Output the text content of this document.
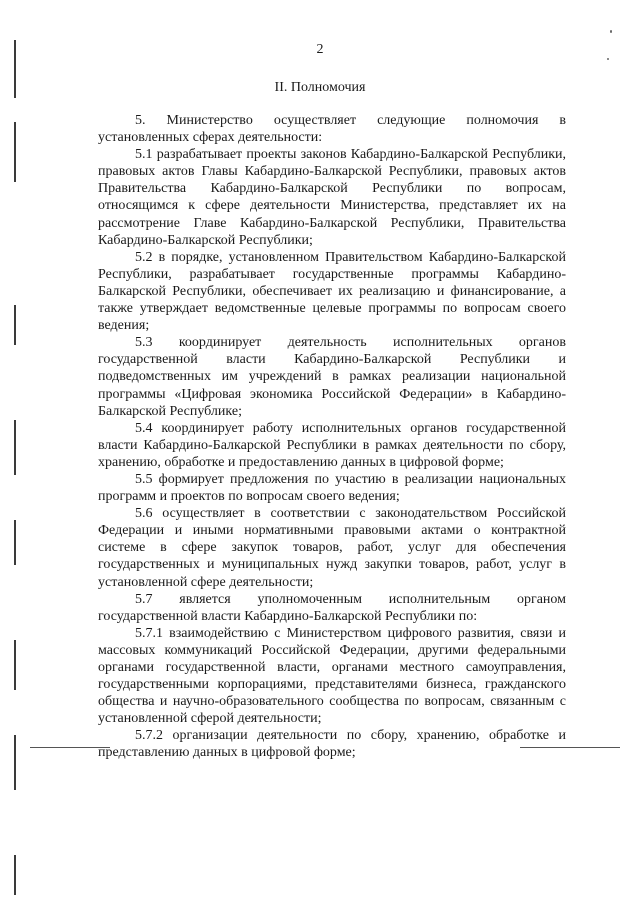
2
II. Полномочия

5. Министерство осуществляет следующие полномочия в установленных сферах деятельности:

5.1 разрабатывает проекты законов Кабардино-Балкарской Республики, правовых актов Главы Кабардино-Балкарской Республики, правовых актов Правительства Кабардино-Балкарской Республики по вопросам, относящимся к сфере деятельности Министерства, представляет их на рассмотрение Главе Кабардино-Балкарской Республики, Правительства Кабардино-Балкарской Республики;

5.2 в порядке, установленном Правительством Кабардино-Балкарской Республики, разрабатывает государственные программы Кабардино-Балкарской Республики, обеспечивает их реализацию и финансирование, а также утверждает ведомственные целевые программы по вопросам своего ведения;

5.3 координирует деятельность исполнительных органов государственной власти Кабардино-Балкарской Республики и подведомственных им учреждений в рамках реализации национальной программы «Цифровая экономика Российской Федерации» в Кабардино-Балкарской Республике;

5.4 координирует работу исполнительных органов государственной власти Кабардино-Балкарской Республики в рамках деятельности по сбору, хранению, обработке и предоставлению данных в цифровой форме;

5.5 формирует предложения по участию в реализации национальных программ и проектов по вопросам своего ведения;

5.6 осуществляет в соответствии с законодательством Российской Федерации и иными нормативными правовыми актами о контрактной системе в сфере закупок товаров, работ, услуг для обеспечения государственных и муниципальных нужд закупки товаров, работ, услуг в установленной сфере деятельности;

5.7 является уполномоченным исполнительным органом государственной власти Кабардино-Балкарской Республики по:

5.7.1 взаимодействию с Министерством цифрового развития, связи и массовых коммуникаций Российской Федерации, другими федеральными органами государственной власти, органами местного самоуправления, государственными корпорациями, представителями бизнеса, гражданского общества и научно-образовательного сообщества по вопросам, связанным с установленной сферой деятельности;

5.7.2 организации деятельности по сбору, хранению, обработке и представлению данных в цифровой форме;
